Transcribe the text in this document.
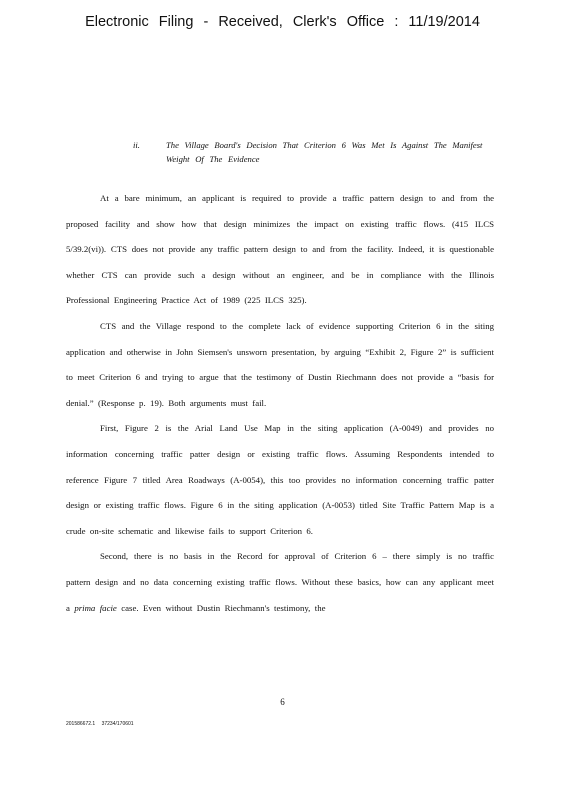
Electronic Filing - Received, Clerk's Office : 11/19/2014
ii.	The Village Board's Decision That Criterion 6 Was Met Is Against The Manifest Weight Of The Evidence

At a bare minimum, an applicant is required to provide a traffic pattern design to and from the proposed facility and show how that design minimizes the impact on existing traffic flows. (415 ILCS 5/39.2(vi)). CTS does not provide any traffic pattern design to and from the facility. Indeed, it is questionable whether CTS can provide such a design without an engineer, and be in compliance with the Illinois Professional Engineering Practice Act of 1989 (225 ILCS 325).

CTS and the Village respond to the complete lack of evidence supporting Criterion 6 in the siting application and otherwise in John Siemsen's unsworn presentation, by arguing “Exhibit 2, Figure 2” is sufficient to meet Criterion 6 and trying to argue that the testimony of Dustin Riechmann does not provide a “basis for denial.” (Response p. 19). Both arguments must fail.

First, Figure 2 is the Arial Land Use Map in the siting application (A-0049) and provides no information concerning traffic patter design or existing traffic flows. Assuming Respondents intended to reference Figure 7 titled Area Roadways (A-0054), this too provides no information concerning traffic patter design or existing traffic flows. Figure 6 in the siting application (A-0053) titled Site Traffic Pattern Map is a crude on-site schematic and likewise fails to support Criterion 6.

Second, there is no basis in the Record for approval of Criterion 6 – there simply is no traffic pattern design and no data concerning existing traffic flows. Without these basics, how can any applicant meet a prima facie case. Even without Dustin Riechmann's testimony, the

6
201586672.1 37234/170601
